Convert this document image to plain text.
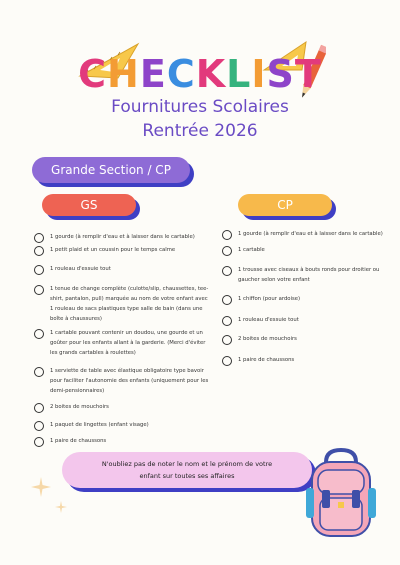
CHECKLIST
Fournitures Scolaires
Rentrée 2026
Grande Section / CP
GS	CP
1 gourde (à remplir d'eau et à laisser dans le cartable)
1 petit plaid et un coussin pour le temps calme
1 rouleau d'essuie tout
1 tenue de change complète (culotte/slip, chaussettes, tee-shirt, pantalon, pull) marquée au nom de votre enfant avec 1 rouleau de sacs plastiques type salle de bain (dans une boîte à chaussures)
1 cartable pouvant contenir un doudou, une gourde et un goûter pour les enfants allant à la garderie. (Merci d'éviter les grands cartables à roulettes)
1 serviette de table avec élastique obligatoire type bavoir pour faciliter l'autonomie des enfants (uniquement pour les demi-pensionnaires)
2 boites de mouchoirs
1 paquet de lingettes (enfant visage)
1 paire de chaussons
1 gourde (à remplir d'eau et à laisser dans le cartable)
1 cartable
1 trousse avec ciseaux à bouts ronds pour droitier ou gaucher selon votre enfant
1 chiffon (pour ardoise)
1 rouleau d'essuie tout
2 boites de mouchoirs
1 paire de chaussons
N'oubliez pas de noter le nom et le prénom de votre
enfant sur toutes ses affaires
